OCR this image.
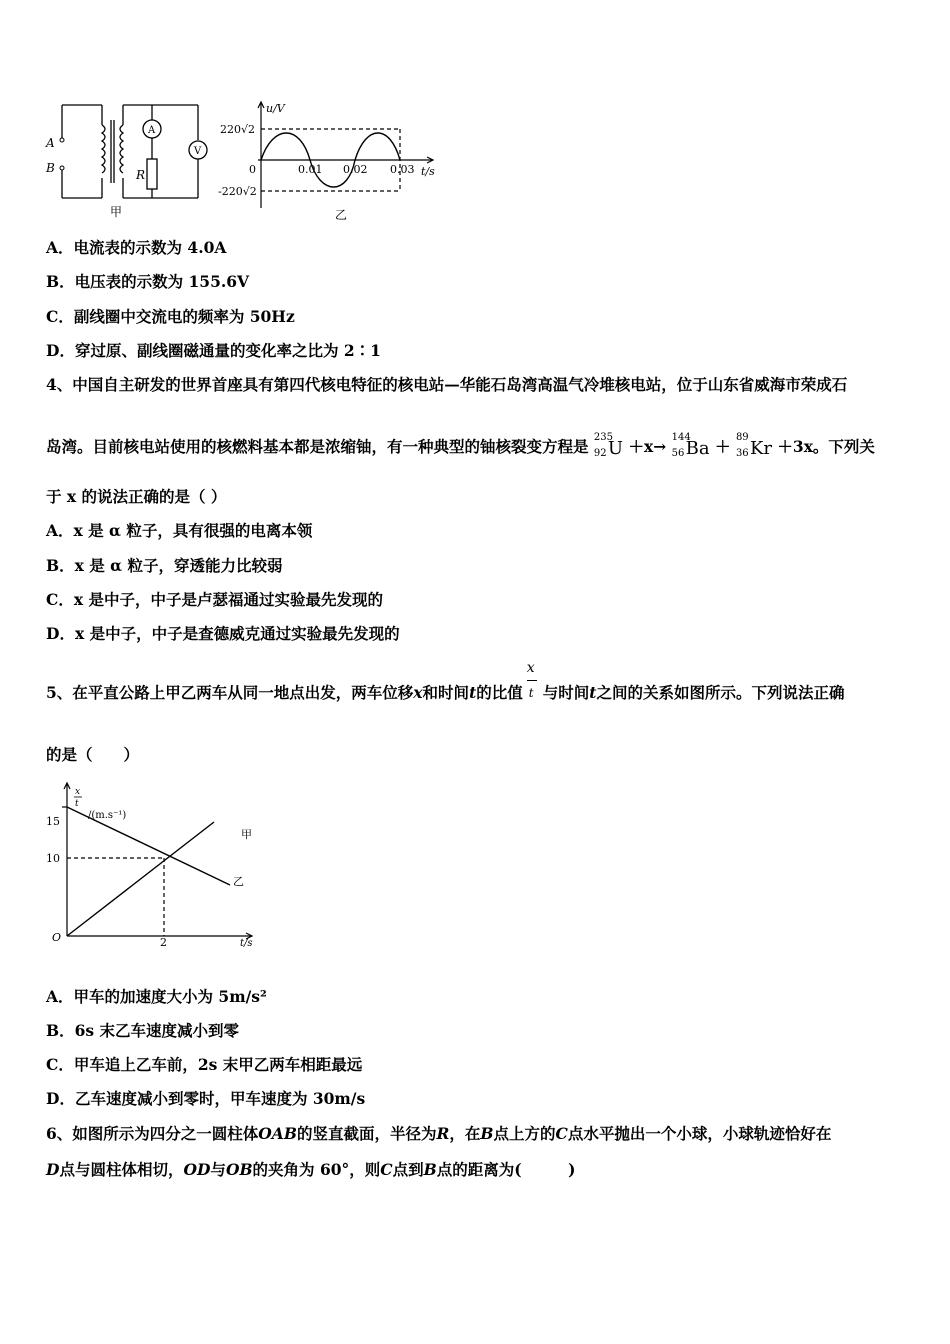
A
B
A
V
R
甲
u/V
220√2
0
-220√2
0.01 0.02 0.03 t/s
乙
A．电流表的示数为 4.0A
B．电压表的示数为 155.6V
C．副线圈中交流电的频率为 50Hz
D．穿过原、副线圈磁通量的变化率之比为 2∶1
4、中国自主研发的世界首座具有第四代核电特征的核电站—华能石岛湾高温气冷堆核电站，位于山东省威海市荣成石
岛湾。目前核电站使用的核燃料基本都是浓缩铀，有一种典型的铀核裂变方程是 235
92 U ＋x→ 144
56 Ba ＋ 89
36 Kr ＋3x。下列关
于 x 的说法正确的是（ ）
A．x 是 α 粒子，具有很强的电离本领
B．x 是 α 粒子，穿透能力比较弱
C．x 是中子，中子是卢瑟福通过实验最先发现的
D．x 是中子，中子是查德威克通过实验最先发现的
5、在平直公路上甲乙两车从同一地点出发，两车位移x和时间t的比值
$\frac{x}{t}$
与时间t之间的关系如图所示。下列说法正确
的是（　　）
x
t
/(m.s⁻¹)
15
10
O	2	t/s
甲
乙
A．甲车的加速度大小为 5m/s²
B．6s 末乙车速度减小到零
C．甲车追上乙车前，2s 末甲乙两车相距最远
D．乙车速度减小到零时，甲车速度为 30m/s
6、如图所示为四分之一圆柱体OAB的竖直截面，半径为R，在B点上方的C点水平抛出一个小球，小球轨迹恰好在
D点与圆柱体相切，OD与OB的夹角为 60°，则C点到B点的距离为(　　　)
